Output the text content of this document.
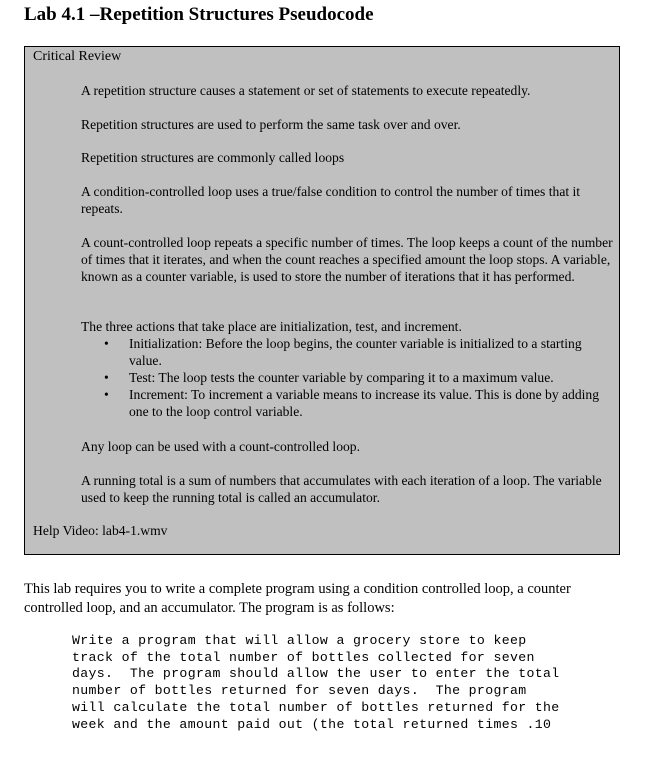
Lab 4.1 –Repetition Structures Pseudocode
Critical Review

A repetition structure causes a statement or set of statements to execute repeatedly.

Repetition structures are used to perform the same task over and over.

Repetition structures are commonly called loops

A condition-controlled loop uses a true/false condition to control the number of times that it repeats.

A count-controlled loop repeats a specific number of times. The loop keeps a count of the number of times that it iterates, and when the count reaches a specified amount the loop stops. A variable, known as a counter variable, is used to store the number of iterations that it has performed.

The three actions that take place are initialization, test, and increment.
• Initialization: Before the loop begins, the counter variable is initialized to a starting value.
• Test: The loop tests the counter variable by comparing it to a maximum value.
• Increment: To increment a variable means to increase its value. This is done by adding one to the loop control variable.

Any loop can be used with a count-controlled loop.

A running total is a sum of numbers that accumulates with each iteration of a loop. The variable used to keep the running total is called an accumulator.

Help Video: lab4-1.wmv

This lab requires you to write a complete program using a condition controlled loop, a counter controlled loop, and an accumulator. The program is as follows:

Write a program that will allow a grocery store to keep
track of the total number of bottles collected for seven
days.  The program should allow the user to enter the total
number of bottles returned for seven days.  The program
will calculate the total number of bottles returned for the
week and the amount paid out (the total returned times .10
